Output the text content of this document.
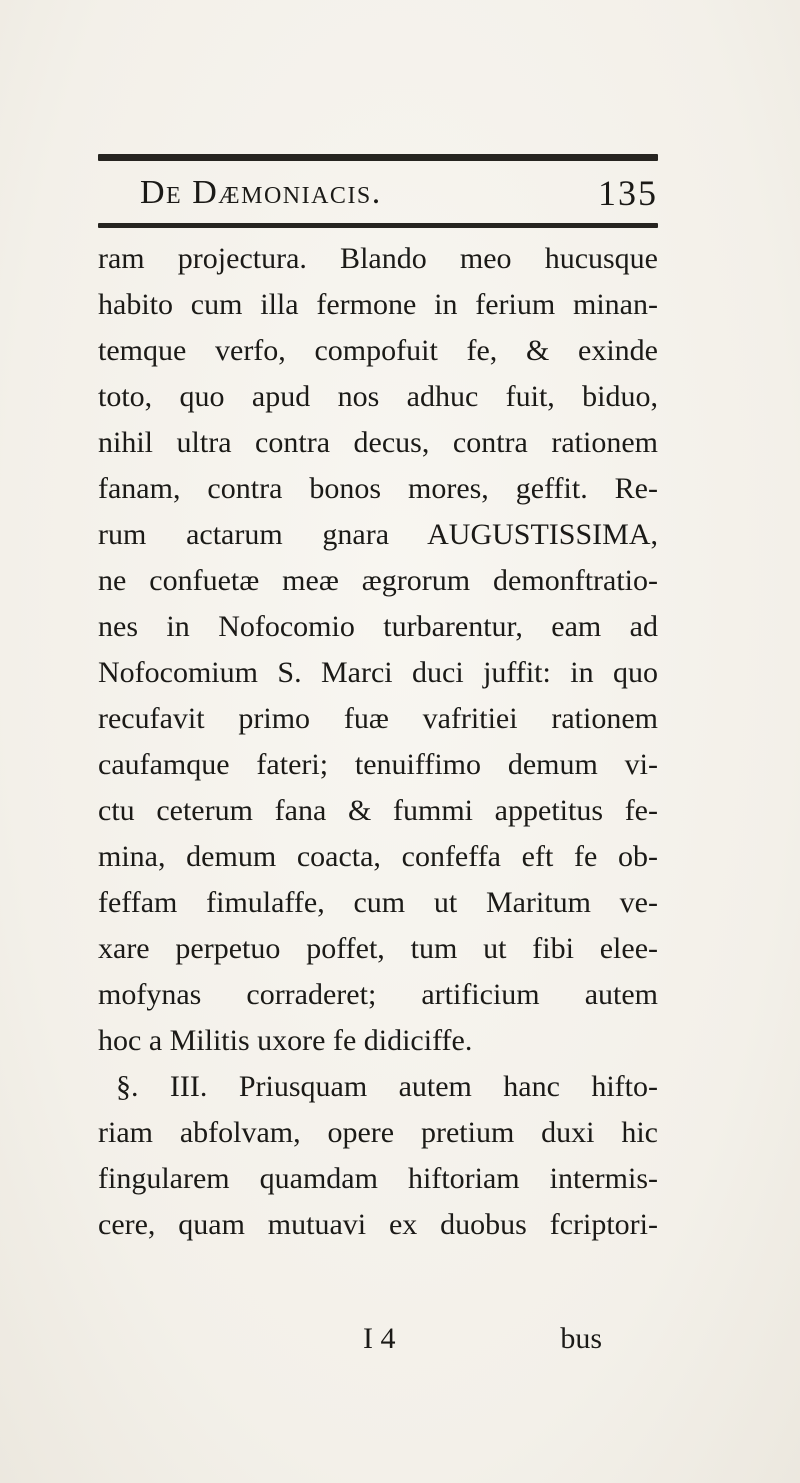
De Dæmoniacis.	135
ram projectura. Blando meo hucusque
habito cum illa fermone in ferium minan-
temque verfo, compofuit fe, & exinde
toto, quo apud nos adhuc fuit, biduo,
nihil ultra contra decus, contra rationem
fanam, contra bonos mores, geffit. Re-
rum actarum gnara AUGUSTISSIMA,
ne confuetæ meæ ægrorum demonftratio-
nes in Nofocomio turbarentur, eam ad
Nofocomium S. Marci duci juffit: in quo
recufavit primo fuæ vafritiei rationem
caufamque fateri; tenuiffimo demum vi-
ctu ceterum fana & fummi appetitus fe-
mina, demum coacta, confeffa eft fe ob-
feffam fimulaffe, cum ut Maritum ve-
xare perpetuo poffet, tum ut fibi elee-
mofynas corraderet; artificium autem
hoc a Militis uxore fe didiciffe.
§. III. Priusquam autem hanc hifto-
riam abfolvam, opere pretium duxi hic
fingularem quamdam hiftoriam intermis-
cere, quam mutuavi ex duobus fcriptori-
I 4	bus
